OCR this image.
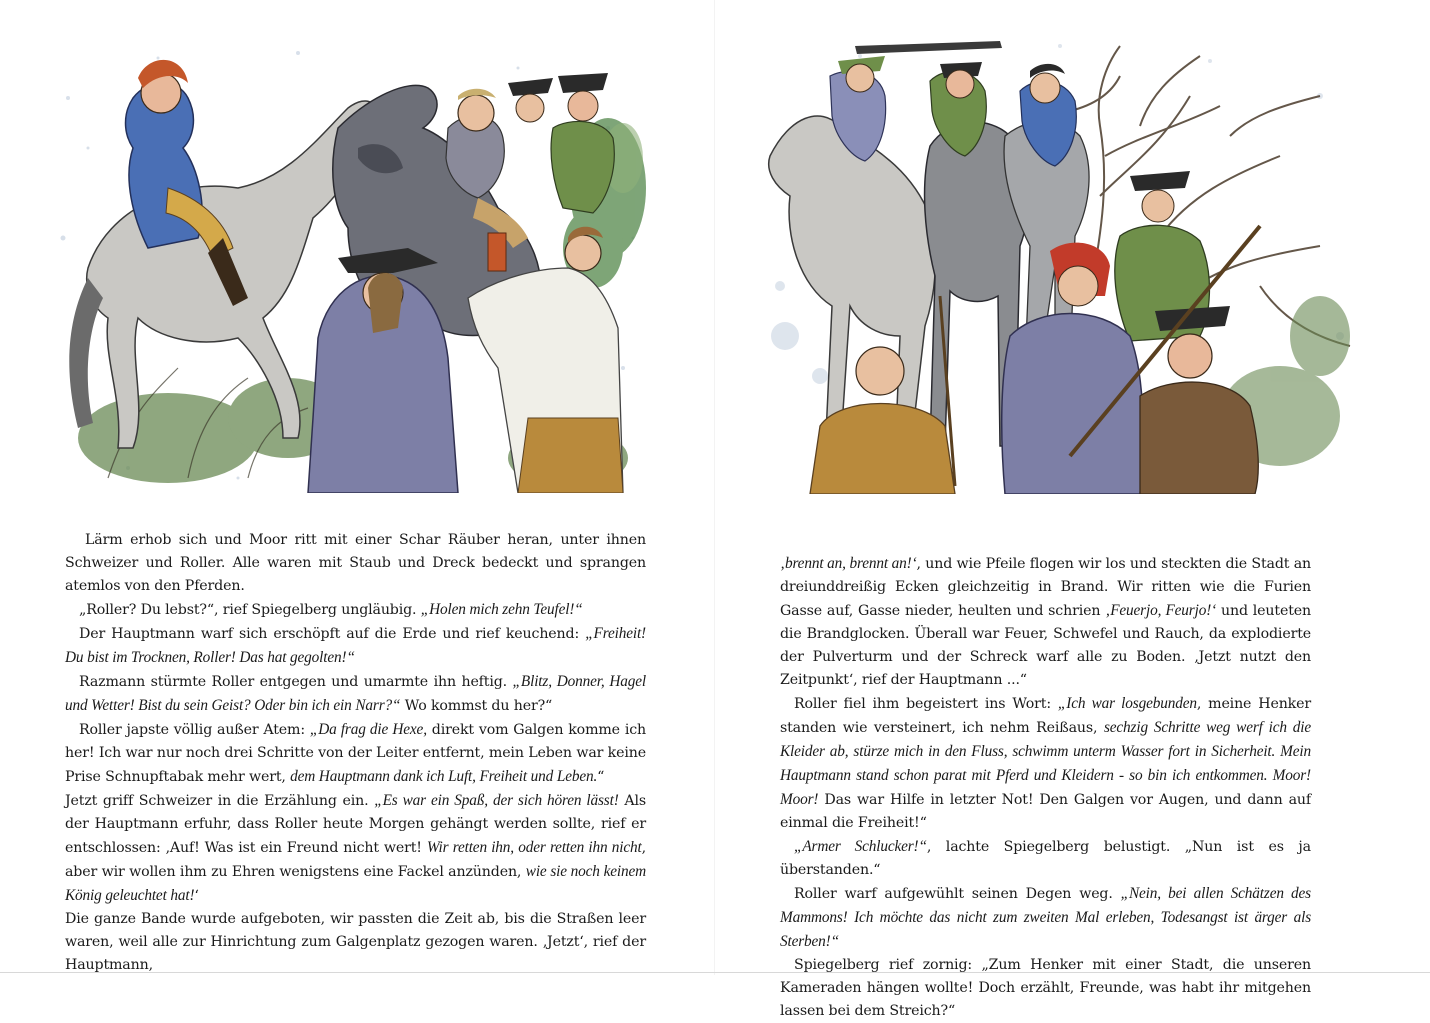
Lärm erhob sich und Moor ritt mit einer Schar Räuber heran, unter ihnen Schweizer und Roller. Alle waren mit Staub und Dreck bedeckt und sprangen atemlos von den Pferden.

„Roller? Du lebst?“, rief Spiegelberg ungläubig. „Holen mich zehn Teufel!“

Der Hauptmann warf sich erschöpft auf die Erde und rief keuchend: „Freiheit! Du bist im Trocknen, Roller! Das hat gegolten!“

Razmann stürmte Roller entgegen und umarmte ihn heftig. „Blitz, Donner, Hagel und Wetter! Bist du sein Geist? Oder bin ich ein Narr?“ Wo kommst du her?“

Roller japste völlig außer Atem: „Da frag die Hexe, direkt vom Galgen komme ich her! Ich war nur noch drei Schritte von der Leiter entfernt, mein Leben war keine Prise Schnupftabak mehr wert, dem Hauptmann dank ich Luft, Freiheit und Leben.“

Jetzt griff Schweizer in die Erzählung ein. „Es war ein Spaß, der sich hören lässt! Als der Hauptmann erfuhr, dass Roller heute Morgen gehängt werden sollte, rief er entschlossen: ‚Auf! Was ist ein Freund nicht wert! Wir retten ihn, oder retten ihn nicht, aber wir wollen ihm zu Ehren wenigstens eine Fackel anzünden, wie sie noch keinem König geleuchtet hat!‘

Die ganze Bande wurde aufgeboten, wir passten die Zeit ab, bis die Straßen leer waren, weil alle zur Hinrichtung zum Galgenplatz gezogen waren. ‚Jetzt‘, rief der Hauptmann,

‚brennt an, brennt an!‘, und wie Pfeile flogen wir los und steckten die Stadt an dreiunddreißig Ecken gleichzeitig in Brand. Wir ritten wie die Furien Gasse auf, Gasse nieder, heulten und schrien ‚Feuerjo, Feurjo!‘ und leuteten die Brandglocken. Überall war Feuer, Schwefel und Rauch, da explodierte der Pulverturm und der Schreck warf alle zu Boden. ‚Jetzt nutzt den Zeitpunkt‘, rief der Hauptmann ...“

Roller fiel ihm begeistert ins Wort: „Ich war losgebunden, meine Henker standen wie versteinert, ich nehm Reißaus, sechzig Schritte weg werf ich die Kleider ab, stürze mich in den Fluss, schwimm unterm Wasser fort in Sicherheit. Mein Hauptmann stand schon parat mit Pferd und Kleidern - so bin ich entkommen. Moor! Moor! Das war Hilfe in letzter Not! Den Galgen vor Augen, und dann auf einmal die Freiheit!“

„Armer Schlucker!“, lachte Spiegelberg belustigt. „Nun ist es ja überstanden.“

Roller warf aufgewühlt seinen Degen weg. „Nein, bei allen Schätzen des Mammons! Ich möchte das nicht zum zweiten Mal erleben, Todesangst ist ärger als Sterben!“

Spiegelberg rief zornig: „Zum Henker mit einer Stadt, die unseren Kameraden hängen wollte! Doch erzählt, Freunde, was habt ihr mitgehen lassen bei dem Streich?“
